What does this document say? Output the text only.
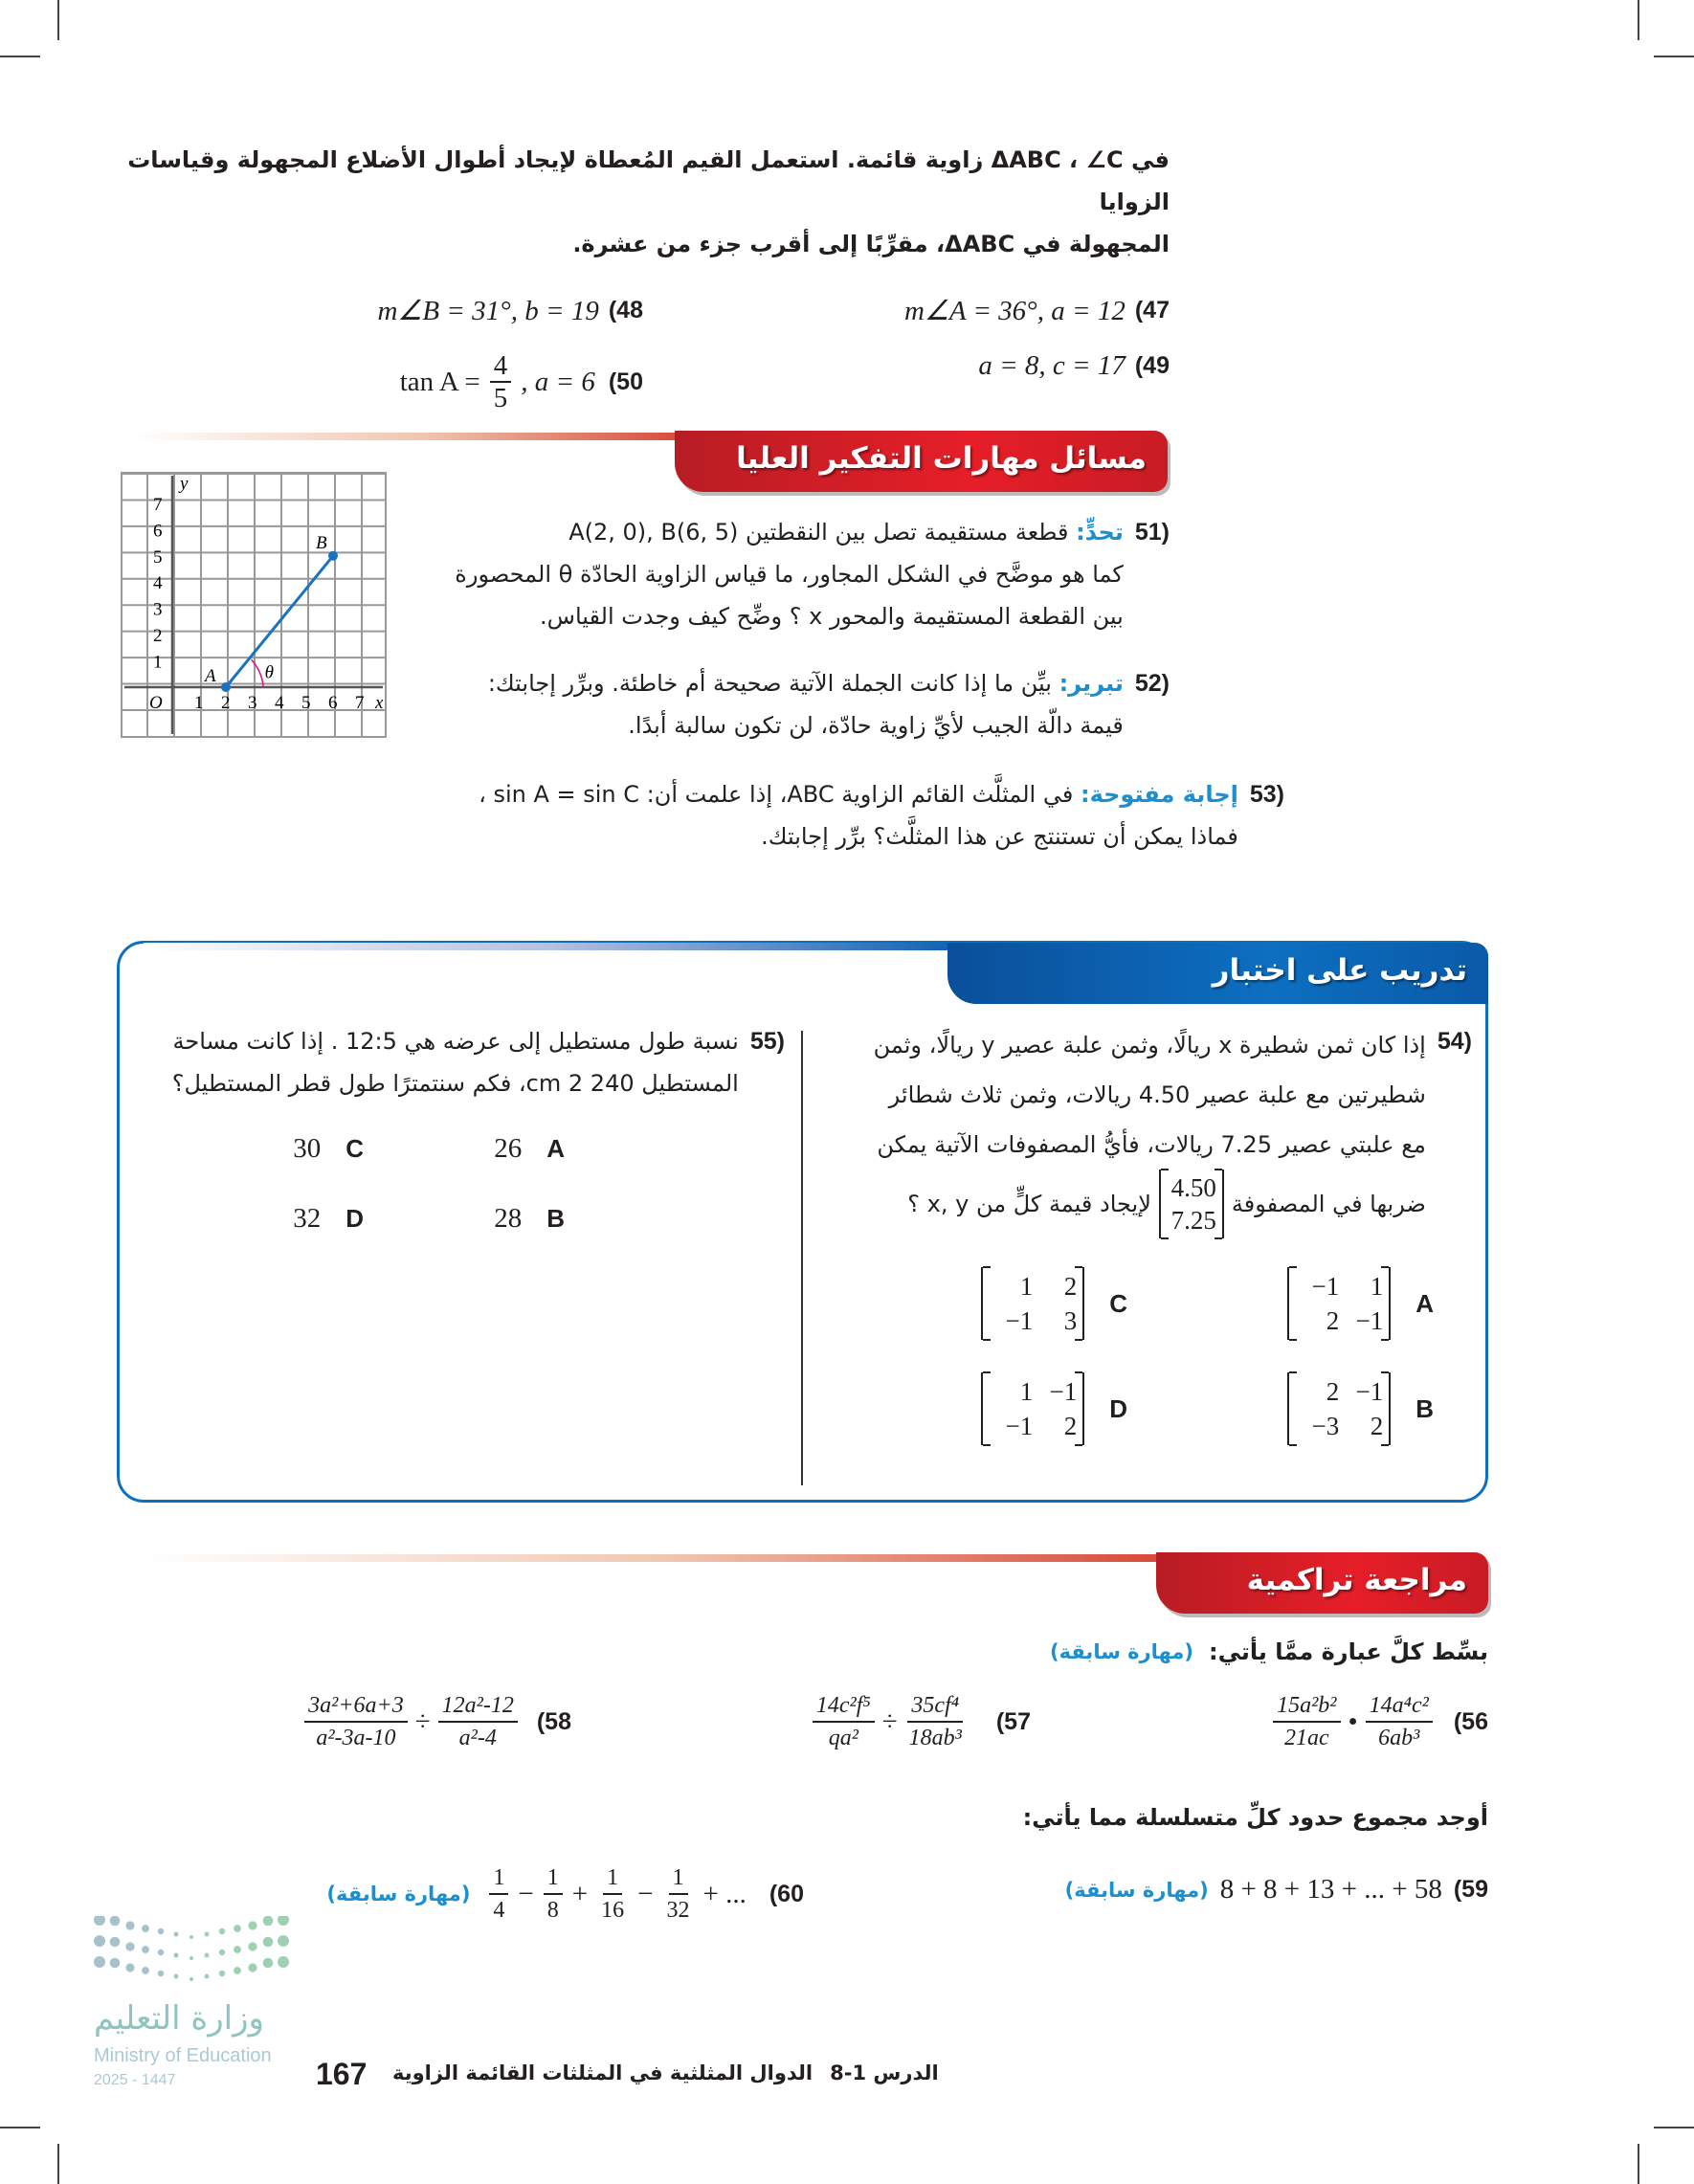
في ΔABC ، ∠C زاوية قائمة. استعمل القيم المُعطاة لإيجاد أطوال الأضلاع المجهولة وقياسات الزوايا
المجهولة في ΔABC، مقرِّبًا إلى أقرب جزء من عشرة.
m∠A = 36°, a = 12 (47
m∠B = 31°, b = 19 (48
a = 8, c = 17 (49
$\tan A = \frac{4}{5}$ , a = 6 (50
مسائل مهارات التفكير العليا
1 2 3 4 5 6 7
1
2
3
4
5
6
7
O	x
y
A
B
θ
(51
تحدٍّ: قطعة مستقيمة تصل بين النقطتين A(2, 0), B(6, 5)
كما هو موضَّح في الشكل المجاور، ما قياس الزاوية الحادّة θ المحصورة
بين القطعة المستقيمة والمحور x ؟ وضِّح كيف وجدت القياس.
(52
تبرير: بيِّن ما إذا كانت الجملة الآتية صحيحة أم خاطئة. وبرِّر إجابتك:
قيمة دالّة الجيب لأيِّ زاوية حادّة، لن تكون سالبة أبدًا.
(53
إجابة مفتوحة: في المثلَّث القائم الزاوية ABC، إذا علمت أن: sin A = sin C ،
فماذا يمكن أن تستنتج عن هذا المثلَّث؟ برِّر إجابتك.
تدريب على اختبار
(54
إذا كان ثمن شطيرة x ريالًا، وثمن علبة عصير y ريالًا، وثمن
شطيرتين مع علبة عصير 4.50 ريالات، وثمن ثلاث شطائر
مع علبتي عصير 7.25 ريالات، فأيُّ المصفوفات الآتية يمكن
ضربها في المصفوفة
4.50
7.25
لإيجاد قيمة كلٍّ من x, y ؟
−1	1
2 −1
A
1	2
−1	3
C
2 −1
−3	2
B
1 −1
−1	2
D
(55
نسبة طول مستطيل إلى عرضه هي 12:5 . إذا كانت مساحة
المستطيل 240 cm 2، فكم سنتمترًا طول قطر المستطيل؟
26 A
30 C
28 B
32 D
مراجعة تراكمية
بسِّط كلَّ عبارة ممَّا يأتي:
(مهارة سابقة)
$\frac{\text{15a²b²}}{21ac}$ • $\frac{\text{14a⁴c²}}{\text{6ab³}} (56$
$\frac{\text{14c²f⁵}}{\text{qa²}} \div \frac{\text{35cf⁴}}{\text{18ab³}} (57$
$\frac{\text{3a²+6a+3}}{\text{a²-3a-10}} \div \frac{\text{12a²-12}}{\text{a²-4}} (58$
أوجد مجموع حدود كلِّ متسلسلة مما يأتي:
(مهارة سابقة) 8 + 8 + 13 + ... + 58 (59
(مهارة سابقة) $\frac{1}{4} - \frac{1}{8} + \frac{1}{16} - \frac{1}{32}$ + ... (60
وزارة التعليم
Ministry of Education
2025 - 1447	167	الدرس 1-8
الدوال المثلثية في المثلثات القائمة الزاوية
